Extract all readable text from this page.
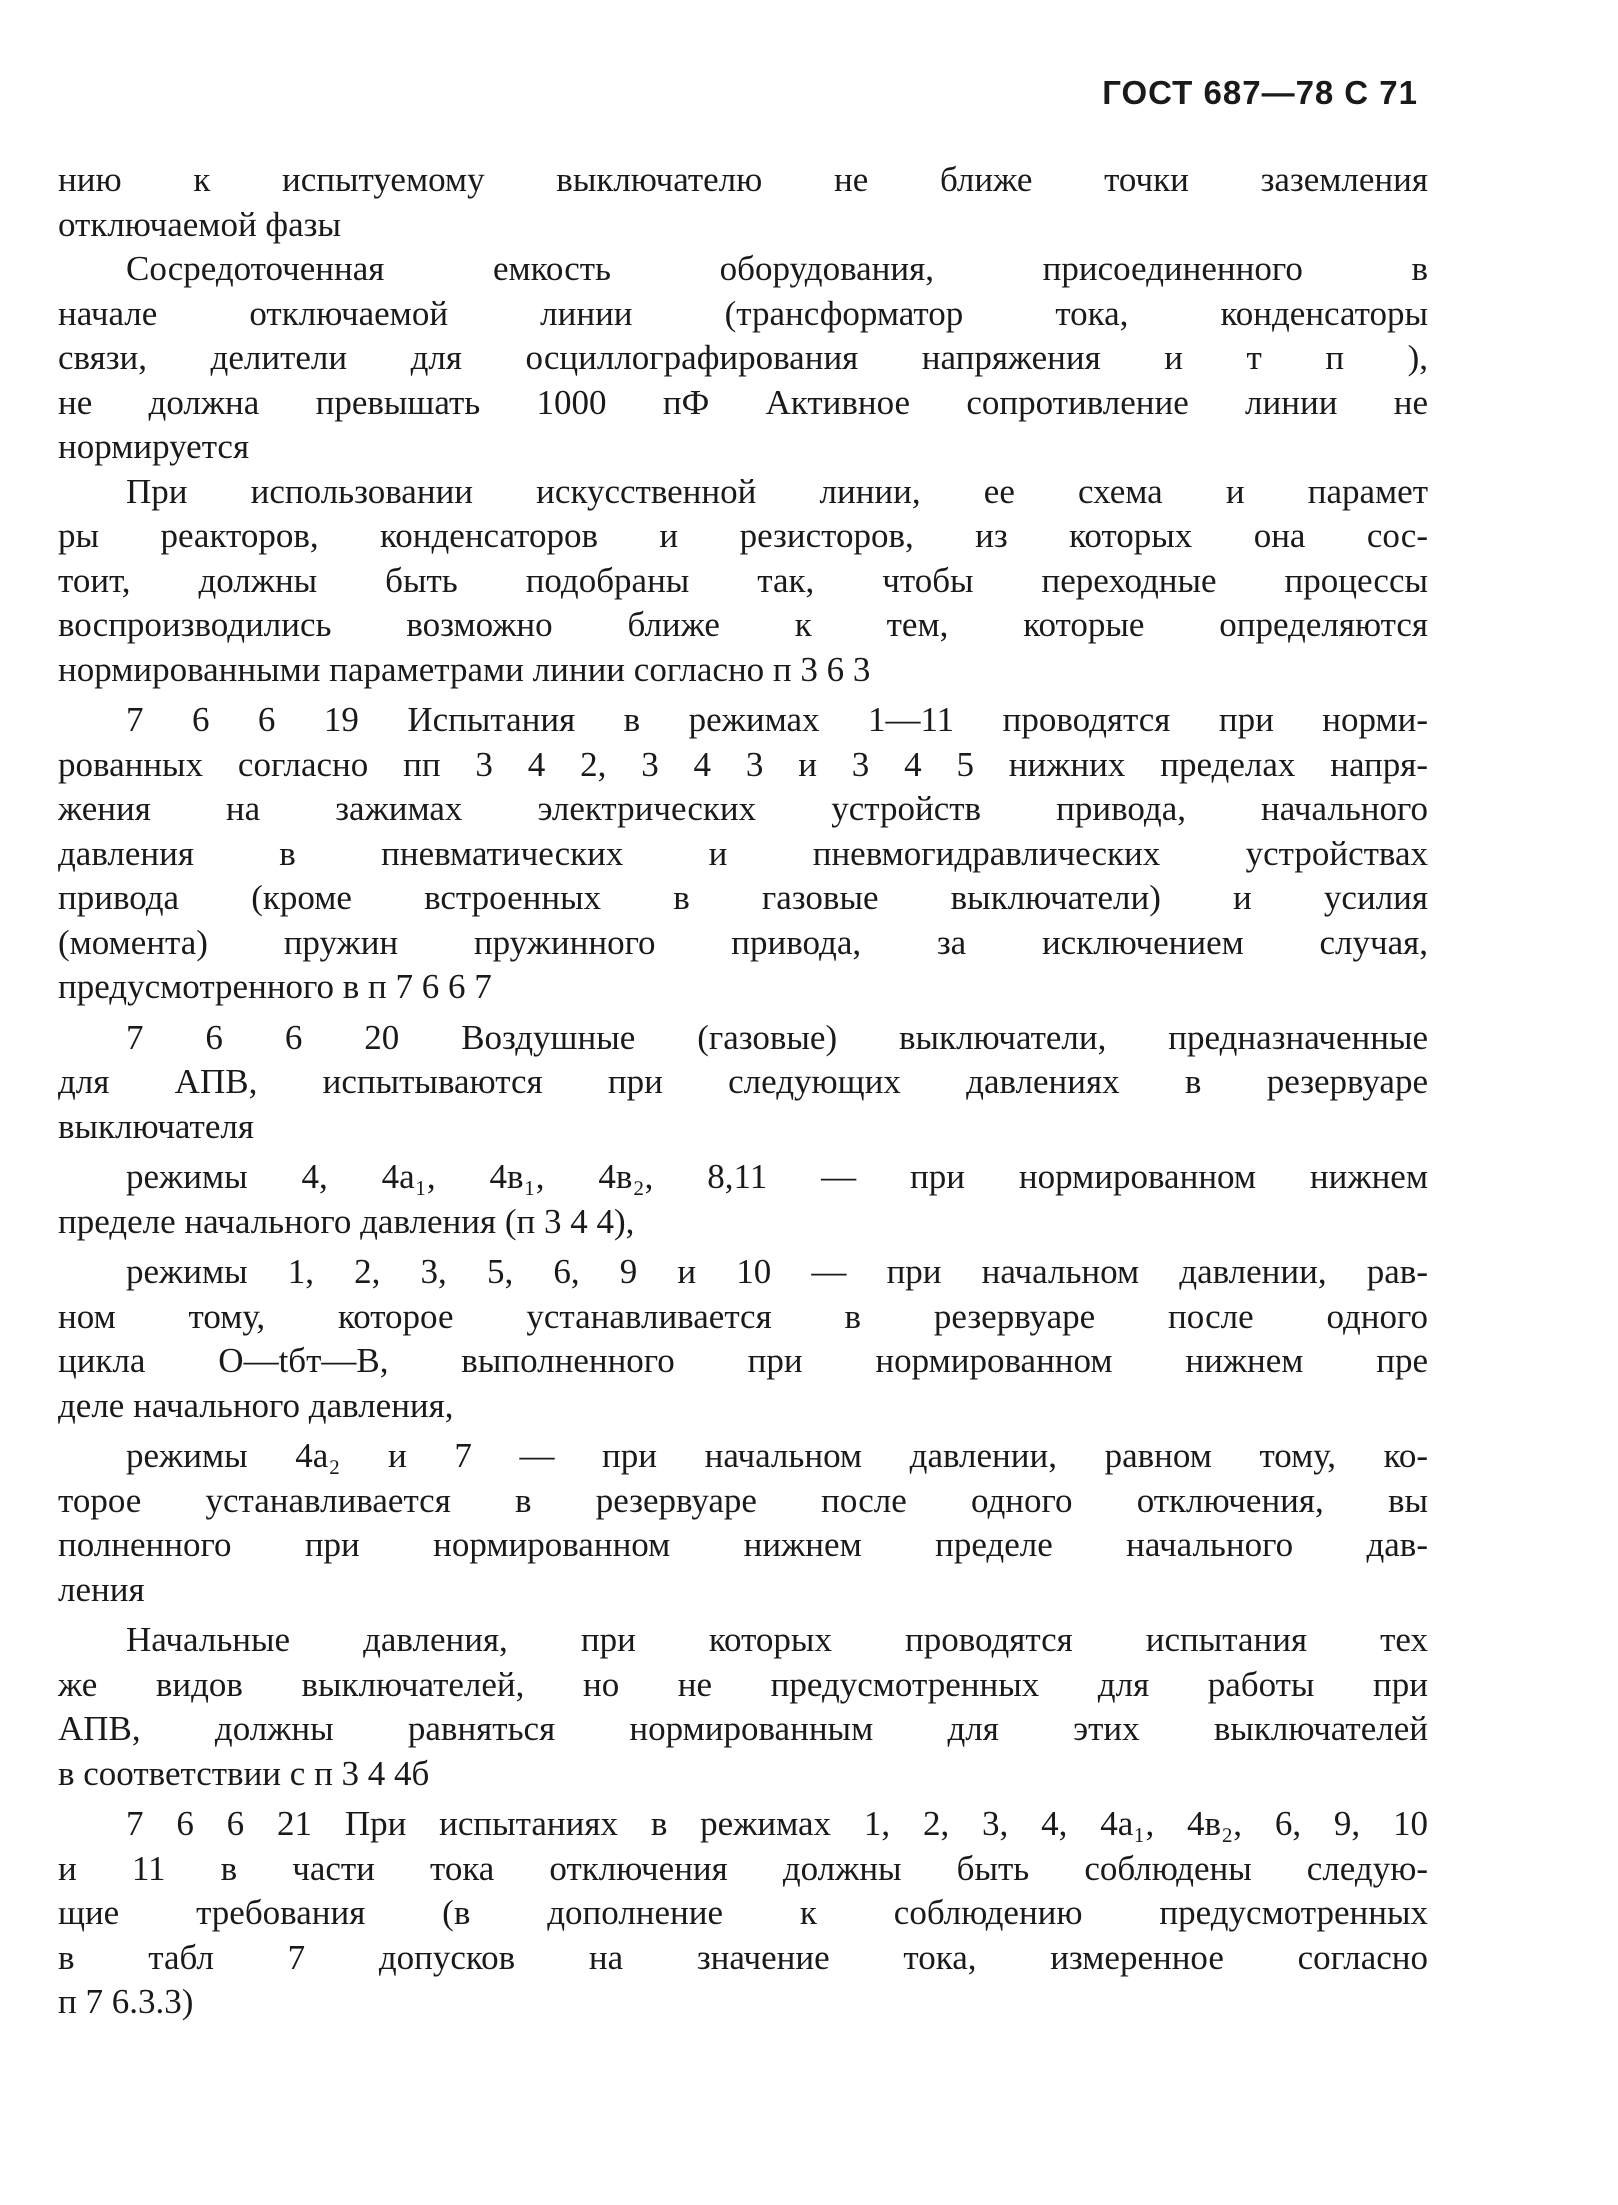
ГОСТ 687—78 С 71
нию к испытуемому выключателю не ближе точки заземления
отключаемой фазы
Сосредоточенная емкость оборудования, присоединенного в
начале отключаемой линии (трансформатор тока, конденсаторы
связи, делители для осциллографирования напряжения и т п ),
не должна превышать 1000 пФ Активное сопротивление линии не
нормируется
При использовании искусственной линии, ее схема и парамет
ры реакторов, конденсаторов и резисторов, из которых она сос-
тоит, должны быть подобраны так, чтобы переходные процессы
воспроизводились возможно ближе к тем, которые определяются
нормированными параметрами линии согласно п 3 6 3
7 6 6 19 Испытания в режимах 1—11 проводятся при норми-
рованных согласно пп 3 4 2, 3 4 3 и 3 4 5 нижних пределах напря-
жения на зажимах электрических устройств привода, начального
давления в пневматических и пневмогидравлических устройствах
привода (кроме встроенных в газовые выключатели) и усилия
(момента) пружин пружинного привода, за исключением случая,
предусмотренного в п 7 6 6 7
7 6 6 20 Воздушные (газовые) выключатели, предназначенные
для АПВ, испытываются при следующих давлениях в резервуаре
выключателя
режимы 4, 4а₁, 4в₁, 4в₂, 8,11 — при нормированном нижнем
пределе начального давления (п 3 4 4),
режимы 1, 2, 3, 5, 6, 9 и 10 — при начальном давлении, рав-
ном тому, которое устанавливается в резервуаре после одного
цикла О—tбт—В, выполненного при нормированном нижнем пре
деле начального давления,
режимы 4а₂ и 7 — при начальном давлении, равном тому, ко-
торое устанавливается в резервуаре после одного отключения, вы
полненного при нормированном нижнем пределе начального дав-
ления
Начальные давления, при которых проводятся испытания тех
же видов выключателей, но не предусмотренных для работы при
АПВ, должны равняться нормированным для этих выключателей
в соответствии с п 3 4 4б
7 6 6 21 При испытаниях в режимах 1, 2, 3, 4, 4а₁, 4в₂, 6, 9, 10
и 11 в части тока отключения должны быть соблюдены следую-
щие требования (в дополнение к соблюдению предусмотренных
в табл 7 допусков на значение тока, измеренное согласно
п 7 6.3.3)
